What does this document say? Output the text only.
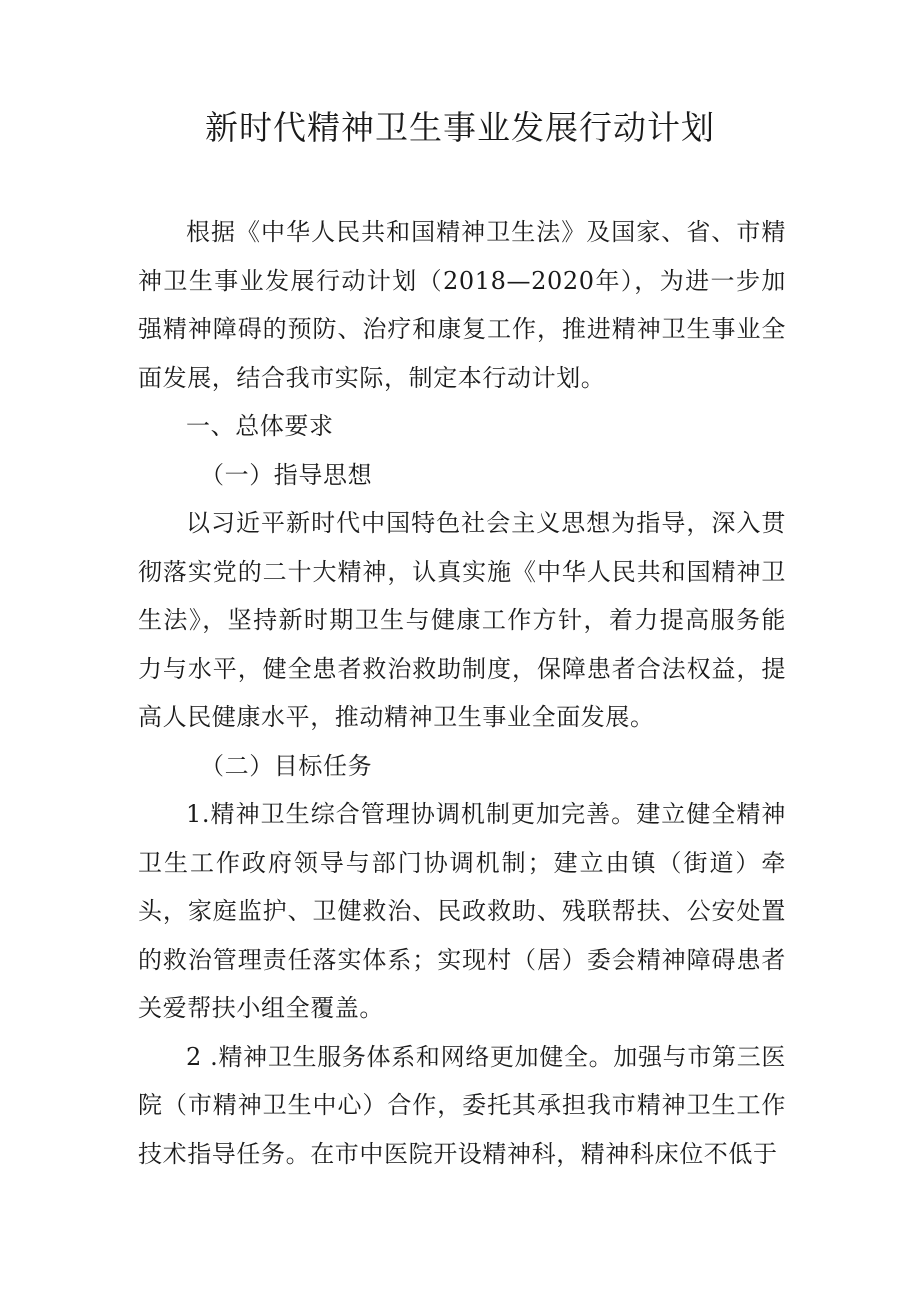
新时代精神卫生事业发展行动计划

根据《中华人民共和国精神卫生法》及国家、省、市精神卫生事业发展行动计划（2018—2020年），为进一步加强精神障碍的预防、治疗和康复工作，推进精神卫生事业全面发展，结合我市实际，制定本行动计划。

一、总体要求

（一）指导思想

以习近平新时代中国特色社会主义思想为指导，深入贯彻落实党的二十大精神，认真实施《中华人民共和国精神卫生法》，坚持新时期卫生与健康工作方针，着力提高服务能力与水平，健全患者救治救助制度，保障患者合法权益，提高人民健康水平，推动精神卫生事业全面发展。

（二）目标任务

1.精神卫生综合管理协调机制更加完善。建立健全精神卫生工作政府领导与部门协调机制；建立由镇（街道）牵头，家庭监护、卫健救治、民政救助、残联帮扶、公安处置的救治管理责任落实体系；实现村（居）委会精神障碍患者关爱帮扶小组全覆盖。

2 .精神卫生服务体系和网络更加健全。加强与市第三医院（市精神卫生中心）合作，委托其承担我市精神卫生工作技术指导任务。在市中医院开设精神科，精神科床位不低于
